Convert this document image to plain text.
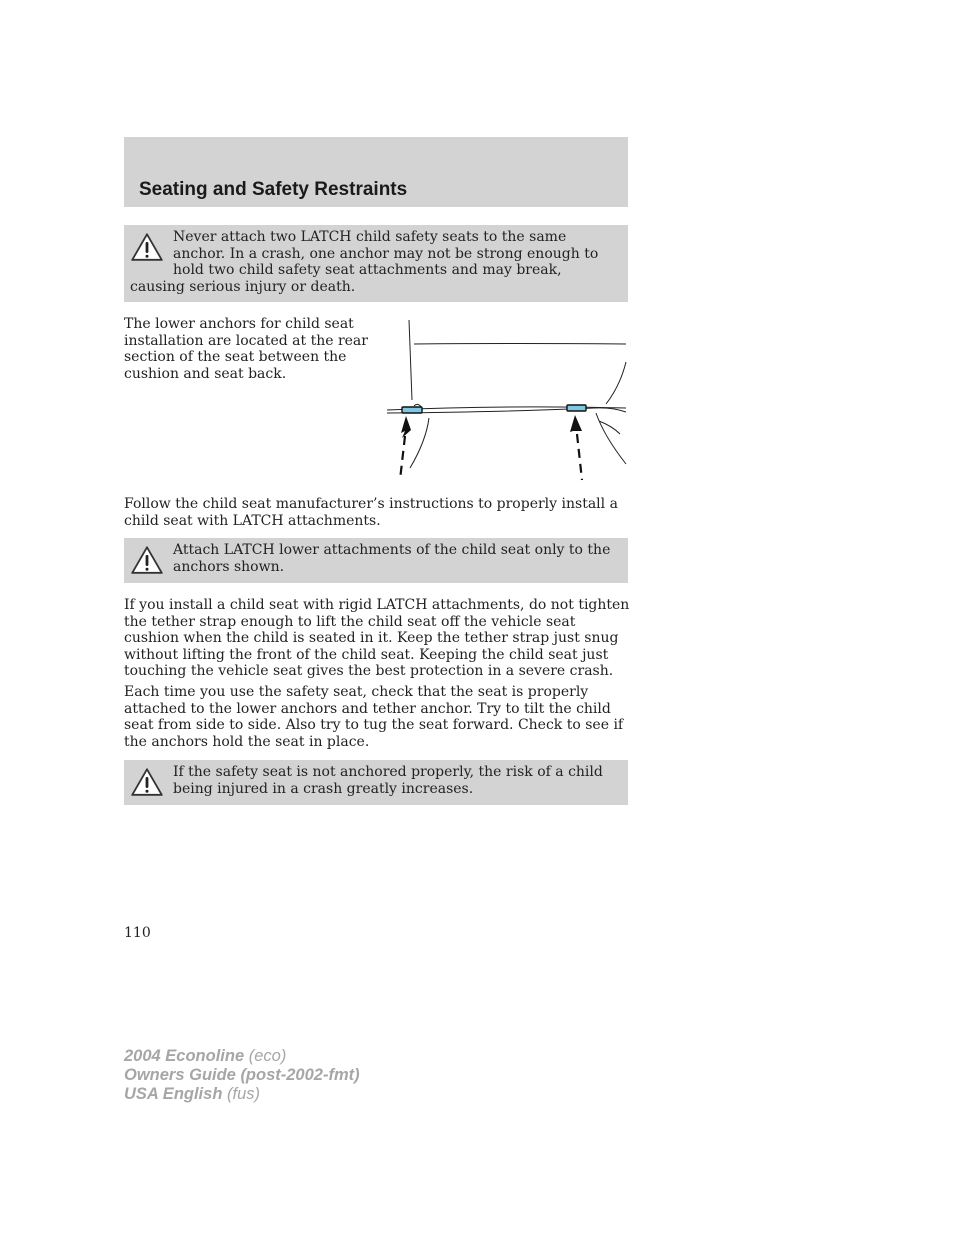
Seating and Safety Restraints

Never attach two LATCH child safety seats to the same anchor. In a crash, one anchor may not be strong enough to hold two child safety seat attachments and may break, causing serious injury or death.

The lower anchors for child seat installation are located at the rear section of the seat between the cushion and seat back.

Follow the child seat manufacturer’s instructions to properly install a child seat with LATCH attachments.

Attach LATCH lower attachments of the child seat only to the anchors shown.

If you install a child seat with rigid LATCH attachments, do not tighten the tether strap enough to lift the child seat off the vehicle seat cushion when the child is seated in it. Keep the tether strap just snug without lifting the front of the child seat. Keeping the child seat just touching the vehicle seat gives the best protection in a severe crash.

Each time you use the safety seat, check that the seat is properly attached to the lower anchors and tether anchor. Try to tilt the child seat from side to side. Also try to tug the seat forward. Check to see if the anchors hold the seat in place.

If the safety seat is not anchored properly, the risk of a child being injured in a crash greatly increases.

110

2004 Econoline (eco)
Owners Guide (post-2002-fmt)
USA English (fus)
